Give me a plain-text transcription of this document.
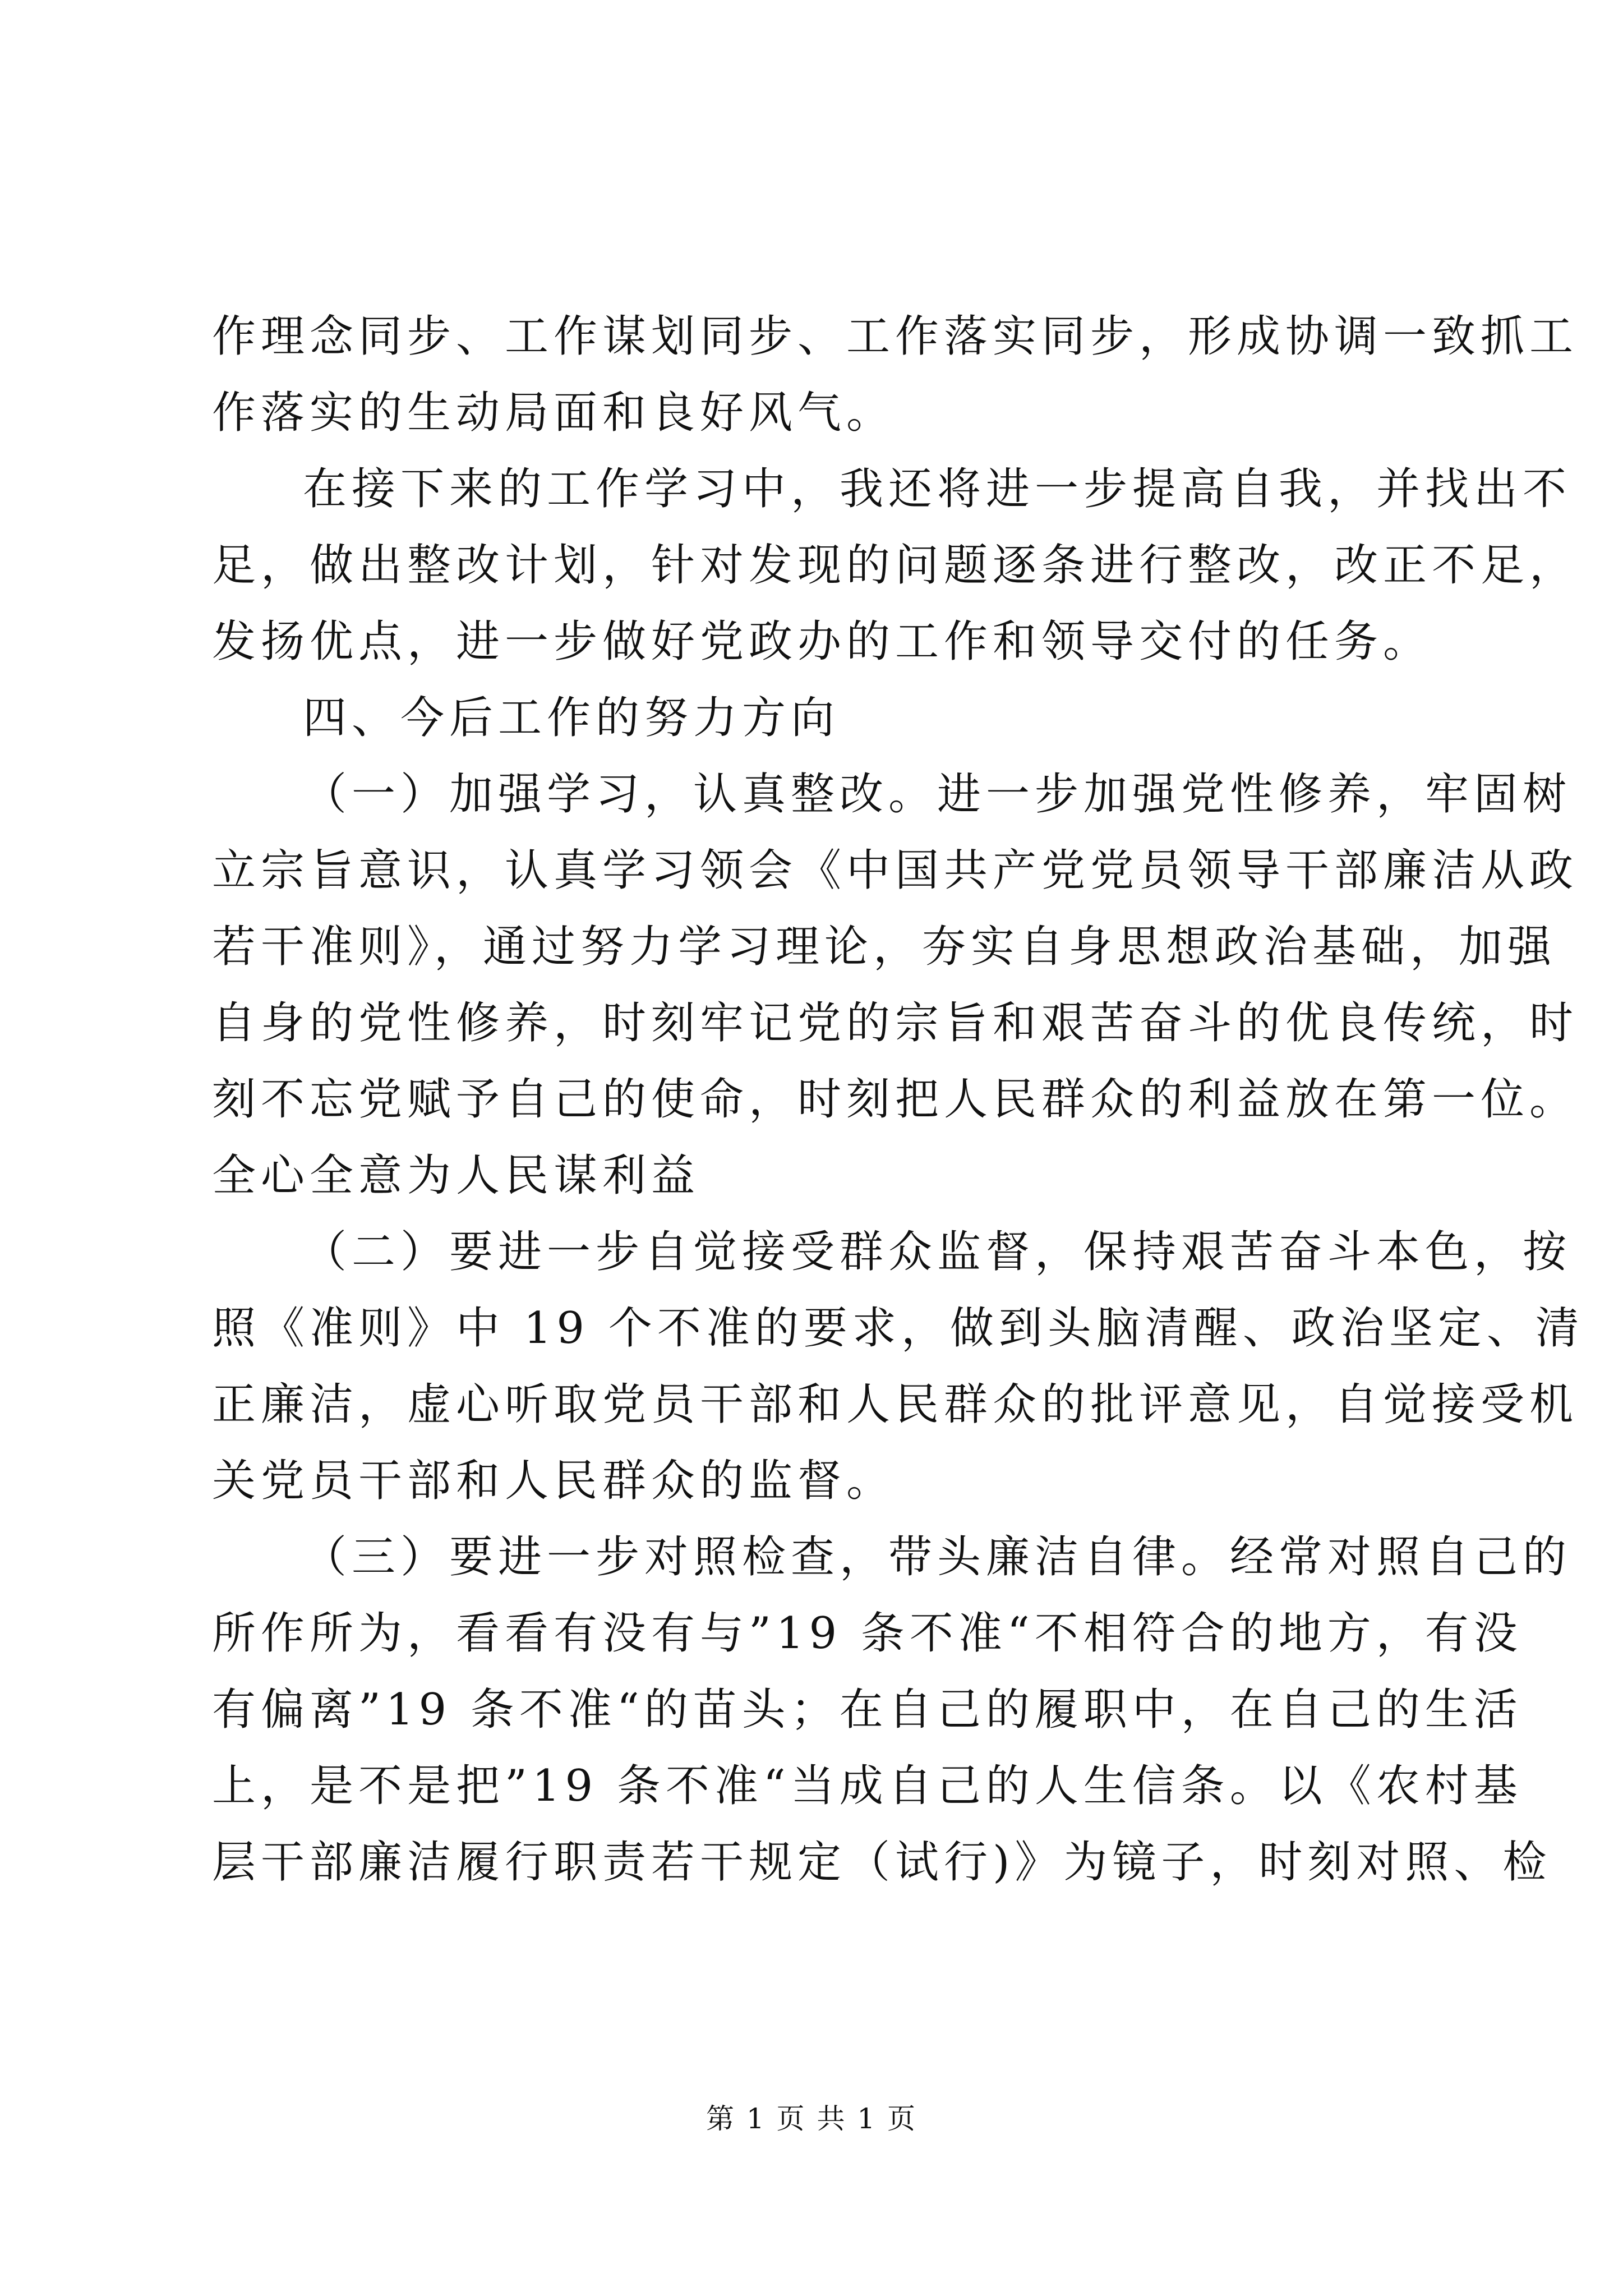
作理念同步、工作谋划同步、工作落实同步，形成协调一致抓工
作落实的生动局面和良好风气。
在接下来的工作学习中，我还将进一步提高自我，并找出不
足，做出整改计划，针对发现的问题逐条进行整改，改正不足，
发扬优点，进一步做好党政办的工作和领导交付的任务。
四、今后工作的努力方向
（一）加强学习，认真整改。进一步加强党性修养，牢固树
立宗旨意识，认真学习领会《中国共产党党员领导干部廉洁从政
若干准则》，通过努力学习理论，夯实自身思想政治基础，加强
自身的党性修养，时刻牢记党的宗旨和艰苦奋斗的优良传统，时
刻不忘党赋予自己的使命，时刻把人民群众的利益放在第一位。
全心全意为人民谋利益
（二）要进一步自觉接受群众监督，保持艰苦奋斗本色，按
照《准则》中 19 个不准的要求，做到头脑清醒、政治坚定、清
正廉洁，虚心听取党员干部和人民群众的批评意见，自觉接受机
关党员干部和人民群众的监督。
（三）要进一步对照检查，带头廉洁自律。经常对照自己的
所作所为，看看有没有与”19 条不准“不相符合的地方，有没
有偏离”19 条不准“的苗头；在自己的履职中，在自己的生活
上，是不是把”19 条不准“当成自己的人生信条。以《农村基
层干部廉洁履行职责若干规定（试行)》为镜子，时刻对照、检
第 1 页 共 1 页
